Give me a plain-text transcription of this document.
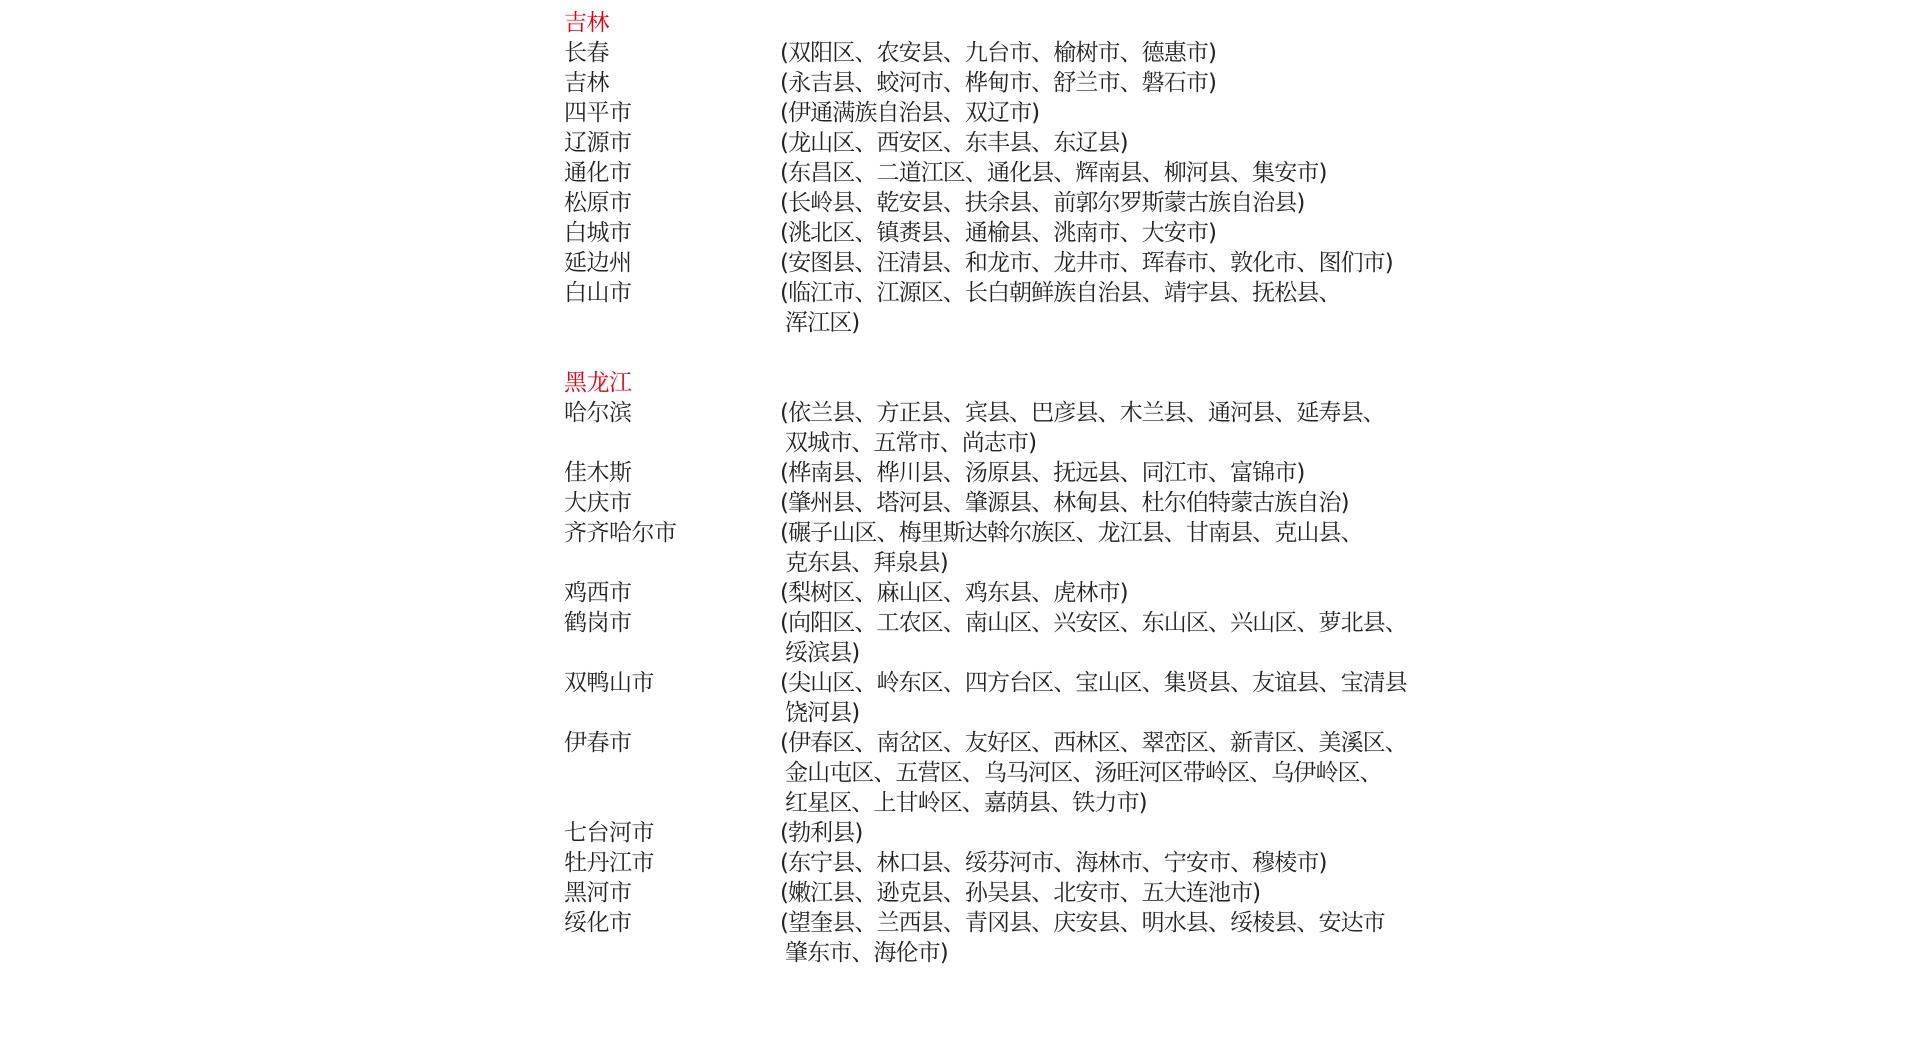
吉林
长春	(双阳区、农安县、九台市、榆树市、德惠市)
吉林	(永吉县、蛟河市、桦甸市、舒兰市、磐石市)
四平市	(伊通满族自治县、双辽市)
辽源市	(龙山区、西安区、东丰县、东辽县)
通化市	(东昌区、二道江区、通化县、辉南县、柳河县、集安市)
松原市	(长岭县、乾安县、扶余县、前郭尔罗斯蒙古族自治县)
白城市	(洮北区、镇赉县、通榆县、洮南市、大安市)
延边州	(安图县、汪清县、和龙市、龙井市、珲春市、敦化市、图们市)
白山市	(临江市、江源区、长白朝鲜族自治县、靖宇县、抚松县、
浑江区)
黑龙江
哈尔滨	(依兰县、方正县、宾县、巴彦县、木兰县、通河县、延寿县、
双城市、五常市、尚志市)
佳木斯	(桦南县、桦川县、汤原县、抚远县、同江市、富锦市)
大庆市	(肇州县、塔河县、肇源县、林甸县、杜尔伯特蒙古族自治)
齐齐哈尔市	(碾子山区、梅里斯达斡尔族区、龙江县、甘南县、克山县、
克东县、拜泉县)
鸡西市	(梨树区、麻山区、鸡东县、虎林市)
鹤岗市	(向阳区、工农区、南山区、兴安区、东山区、兴山区、萝北县、
绥滨县)
双鸭山市	(尖山区、岭东区、四方台区、宝山区、集贤县、友谊县、宝清县
饶河县)
伊春市	(伊春区、南岔区、友好区、西林区、翠峦区、新青区、美溪区、
金山屯区、五营区、乌马河区、汤旺河区带岭区、乌伊岭区、
红星区、上甘岭区、嘉荫县、铁力市)
七台河市	(勃利县)
牡丹江市	(东宁县、林口县、绥芬河市、海林市、宁安市、穆棱市)
黑河市	(嫩江县、逊克县、孙吴县、北安市、五大连池市)
绥化市	(望奎县、兰西县、青冈县、庆安县、明水县、绥棱县、安达市
肇东市、海伦市)
